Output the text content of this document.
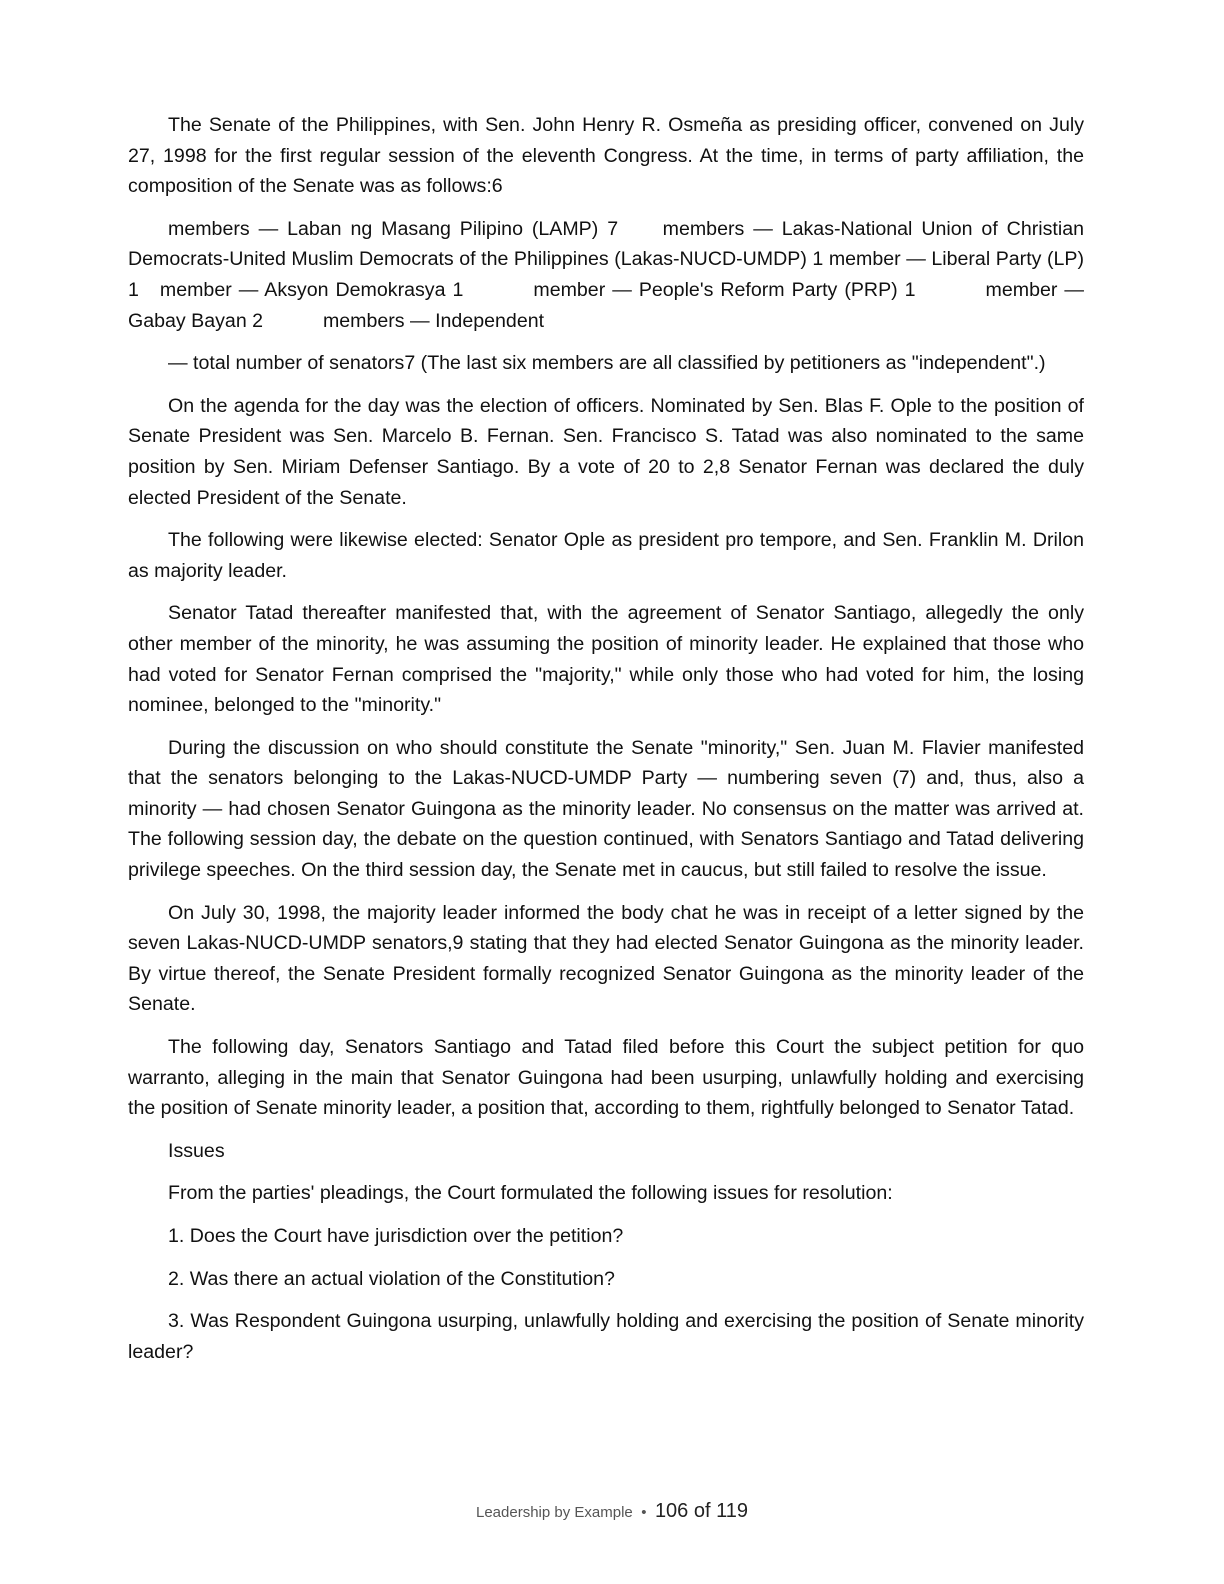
The Senate of the Philippines, with Sen. John Henry R. Osmeña as presiding officer, convened on July 27, 1998 for the first regular session of the eleventh Congress. At the time, in terms of party affiliation, the composition of the Senate was as follows:6

members — Laban ng Masang Pilipino (LAMP) 7     members — Lakas-National Union of Christian Democrats-United Muslim Democrats of the Philippines (Lakas-NUCD-UMDP) 1 member — Liberal Party (LP) 1   member — Aksyon Demokrasya 1          member — People's Reform Party (PRP) 1          member — Gabay Bayan 2           members — Independent

— total number of senators7 (The last six members are all classified by petitioners as "independent".)

On the agenda for the day was the election of officers. Nominated by Sen. Blas F. Ople to the position of Senate President was Sen. Marcelo B. Fernan. Sen. Francisco S. Tatad was also nominated to the same position by Sen. Miriam Defenser Santiago. By a vote of 20 to 2,8 Senator Fernan was declared the duly elected President of the Senate.

The following were likewise elected: Senator Ople as president pro tempore, and Sen. Franklin M. Drilon as majority leader.

Senator Tatad thereafter manifested that, with the agreement of Senator Santiago, allegedly the only other member of the minority, he was assuming the position of minority leader. He explained that those who had voted for Senator Fernan comprised the "majority," while only those who had voted for him, the losing nominee, belonged to the "minority."

During the discussion on who should constitute the Senate "minority," Sen. Juan M. Flavier manifested that the senators belonging to the Lakas-NUCD-UMDP Party — numbering seven (7) and, thus, also a minority — had chosen Senator Guingona as the minority leader. No consensus on the matter was arrived at. The following session day, the debate on the question continued, with Senators Santiago and Tatad delivering privilege speeches. On the third session day, the Senate met in caucus, but still failed to resolve the issue.

On July 30, 1998, the majority leader informed the body chat he was in receipt of a letter signed by the seven Lakas-NUCD-UMDP senators,9 stating that they had elected Senator Guingona as the minority leader. By virtue thereof, the Senate President formally recognized Senator Guingona as the minority leader of the Senate.

The following day, Senators Santiago and Tatad filed before this Court the subject petition for quo warranto, alleging in the main that Senator Guingona had been usurping, unlawfully holding and exercising the position of Senate minority leader, a position that, according to them, rightfully belonged to Senator Tatad.

Issues

From the parties' pleadings, the Court formulated the following issues for resolution:

1. Does the Court have jurisdiction over the petition?

2. Was there an actual violation of the Constitution?

3. Was Respondent Guingona usurping, unlawfully holding and exercising the position of Senate minority leader?

Leadership by Example • 106 of 119
